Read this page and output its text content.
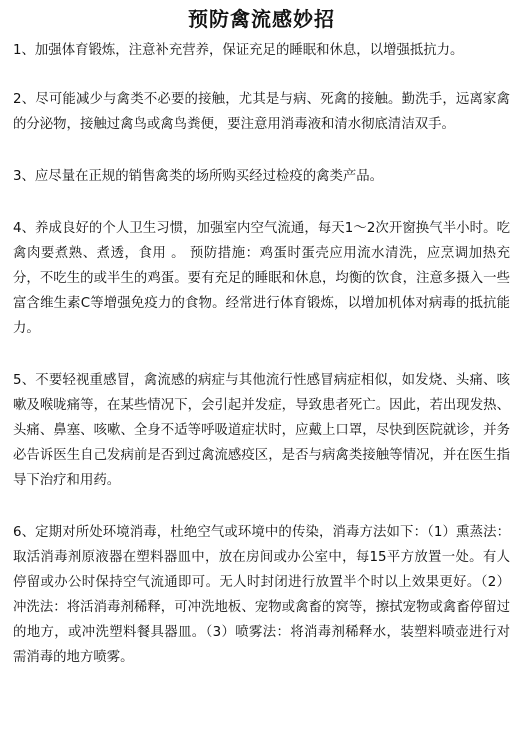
预防禽流感妙招

1、加强体育锻炼，注意补充营养，保证充足的睡眠和休息，以增强抵抗力。

2、尽可能减少与禽类不必要的接触，尤其是与病、死禽的接触。勤洗手，远离家禽的分泌物，接触过禽鸟或禽鸟粪便，要注意用消毒液和清水彻底清洁双手。

3、应尽量在正规的销售禽类的场所购买经过检疫的禽类产品。

4、养成良好的个人卫生习惯，加强室内空气流通，每天1～2次开窗换气半小时。吃禽肉要煮熟、煮透，食用 。 预防措施：鸡蛋时蛋壳应用流水清洗，应烹调加热充分，不吃生的或半生的鸡蛋。要有充足的睡眠和休息，均衡的饮食，注意多摄入一些富含维生素C等增强免疫力的食物。经常进行体育锻炼，以增加机体对病毒的抵抗能力。

5、不要轻视重感冒，禽流感的病症与其他流行性感冒病症相似，如发烧、头痛、咳嗽及喉咙痛等，在某些情况下，会引起并发症，导致患者死亡。因此，若出现发热、头痛、鼻塞、咳嗽、全身不适等呼吸道症状时，应戴上口罩，尽快到医院就诊，并务必告诉医生自己发病前是否到过禽流感疫区，是否与病禽类接触等情况，并在医生指导下治疗和用药。

6、定期对所处环境消毒，杜绝空气或环境中的传染，消毒方法如下：（1）熏蒸法：取活消毒剂原液器在塑料器皿中，放在房间或办公室中，每15平方放置一处。有人停留或办公时保持空气流通即可。无人时封闭进行放置半个时以上效果更好。（2）冲洗法：将活消毒剂稀释，可冲洗地板、宠物或禽畜的窝等，擦拭宠物或禽畜停留过的地方，或冲洗塑料餐具器皿。（3）喷雾法：将消毒剂稀释水，装塑料喷壶进行对需消毒的地方喷雾。
